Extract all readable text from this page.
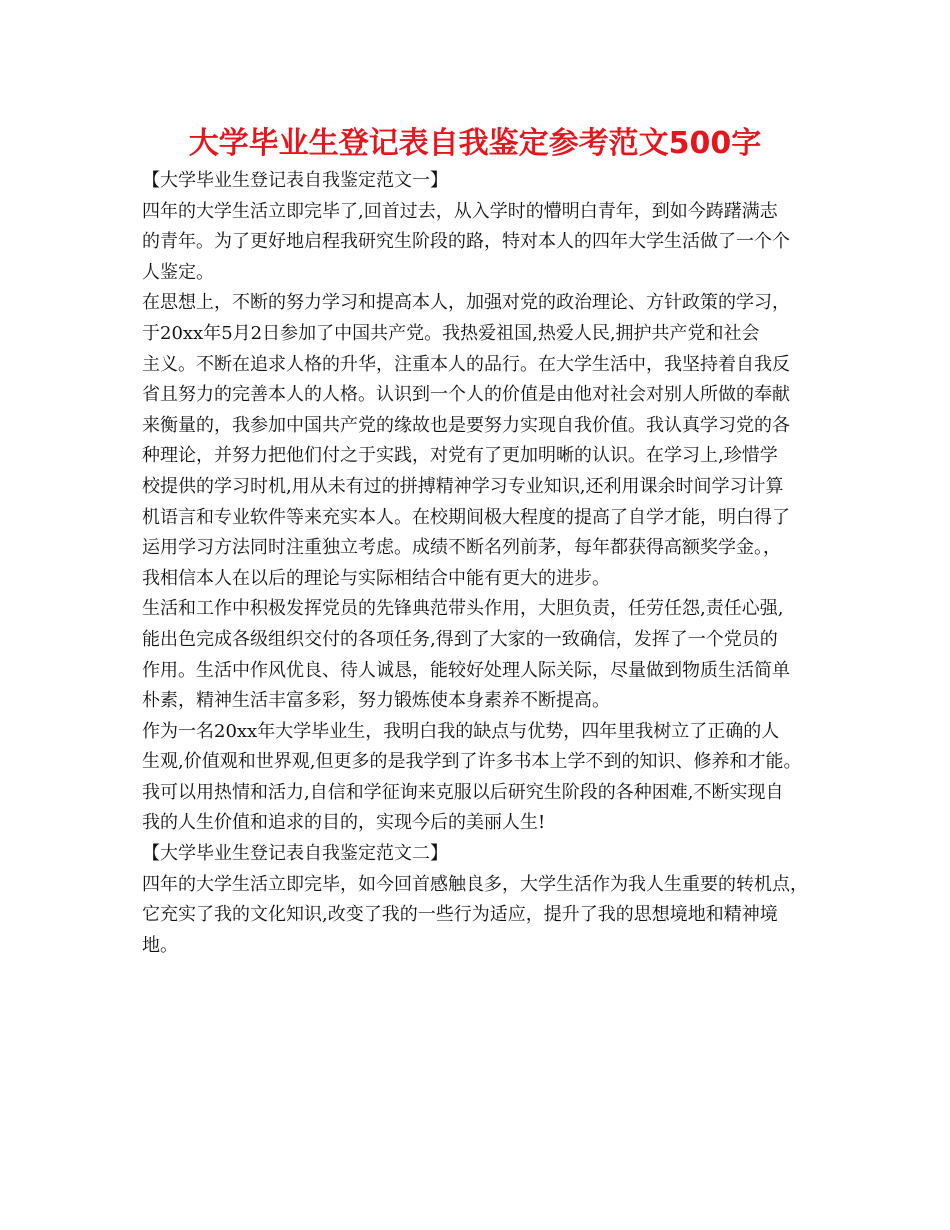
大学毕业生登记表自我鉴定参考范文500字
【大学毕业生登记表自我鉴定范文一】
四年的大学生活立即完毕了,回首过去，从入学时的懵明白青年，到如今踌躇满志
的青年。为了更好地启程我研究生阶段的路，特对本人的四年大学生活做了一个个
人鉴定。
在思想上，不断的努力学习和提高本人，加强对党的政治理论、方针政策的学习，
于20xx年5月2日参加了中国共产党。我热爱祖国,热爱人民,拥护共产党和社会
主义。不断在追求人格的升华，注重本人的品行。在大学生活中，我坚持着自我反
省且努力的完善本人的人格。认识到一个人的价值是由他对社会对别人所做的奉献
来衡量的，我参加中国共产党的缘故也是要努力实现自我价值。我认真学习党的各
种理论，并努力把他们付之于实践，对党有了更加明晰的认识。在学习上,珍惜学
校提供的学习时机,用从未有过的拼搏精神学习专业知识,还利用课余时间学习计算
机语言和专业软件等来充实本人。在校期间极大程度的提高了自学才能，明白得了
运用学习方法同时注重独立考虑。成绩不断名列前茅，每年都获得高额奖学金。，
我相信本人在以后的理论与实际相结合中能有更大的进步。
生活和工作中积极发挥党员的先锋典范带头作用，大胆负责，任劳任怨,责任心强,
能出色完成各级组织交付的各项任务,得到了大家的一致确信，发挥了一个党员的
作用。生活中作风优良、待人诚恳，能较好处理人际关际，尽量做到物质生活简单
朴素，精神生活丰富多彩，努力锻炼使本身素养不断提高。
作为一名20xx年大学毕业生，我明白我的缺点与优势，四年里我树立了正确的人
生观,价值观和世界观,但更多的是我学到了许多书本上学不到的知识、修养和才能。
我可以用热情和活力,自信和学征询来克服以后研究生阶段的各种困难,不断实现自
我的人生价值和追求的目的，实现今后的美丽人生!
【大学毕业生登记表自我鉴定范文二】
四年的大学生活立即完毕，如今回首感触良多，大学生活作为我人生重要的转机点，
它充实了我的文化知识,改变了我的一些行为适应，提升了我的思想境地和精神境
地。
